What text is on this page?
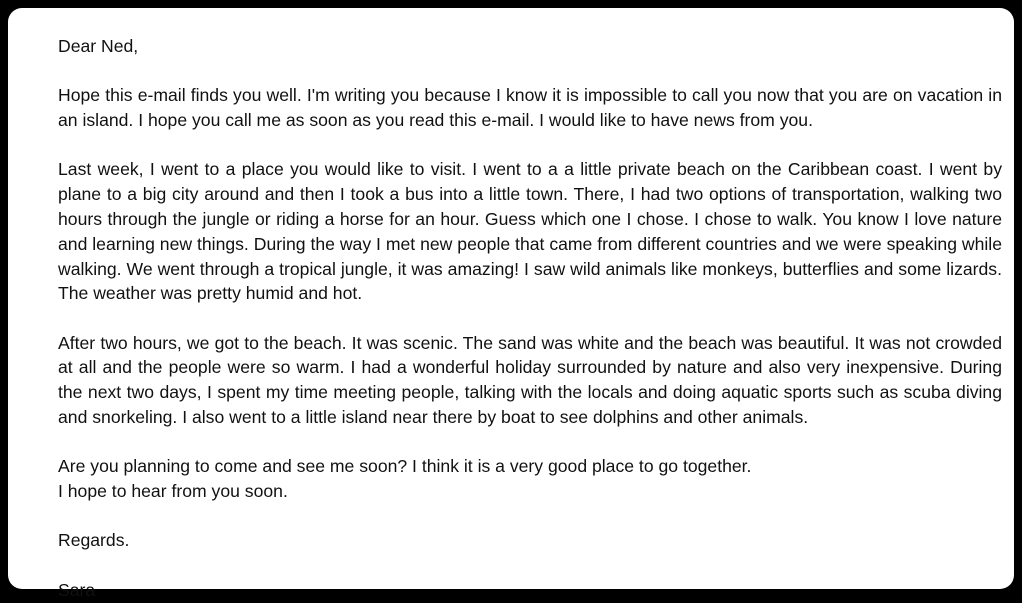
Dear Ned,

Hope this e-mail finds you well. I'm writing you because I know it is impossible to call you now that you are on vacation in an island. I hope you call me as soon as you read this e-mail. I would like to have news from you.

Last week, I went to a place you would like to visit. I went to a a little private beach on the Caribbean coast. I went by plane to a big city around and then I took a bus into a little town. There, I had two options of transportation, walking two hours through the jungle or riding a horse for an hour. Guess which one I chose. I chose to walk. You know I love nature and learning new things. During the way I met new people that came from different countries and we were speaking while walking. We went through a tropical jungle, it was amazing! I saw wild animals like monkeys, butterflies and some lizards. The weather was pretty humid and hot.

After two hours, we got to the beach. It was scenic. The sand was white and the beach was beautiful. It was not crowded at all and the people were so warm. I had a wonderful holiday surrounded by nature and also very inexpensive. During the next two days, I spent my time meeting people, talking with the locals and doing aquatic sports such as scuba diving and snorkeling. I also went to a little island near there by boat to see dolphins and other animals.

Are you planning to come and see me soon? I think it is a very good place to go together.
I hope to hear from you soon.

Regards.

Sara
